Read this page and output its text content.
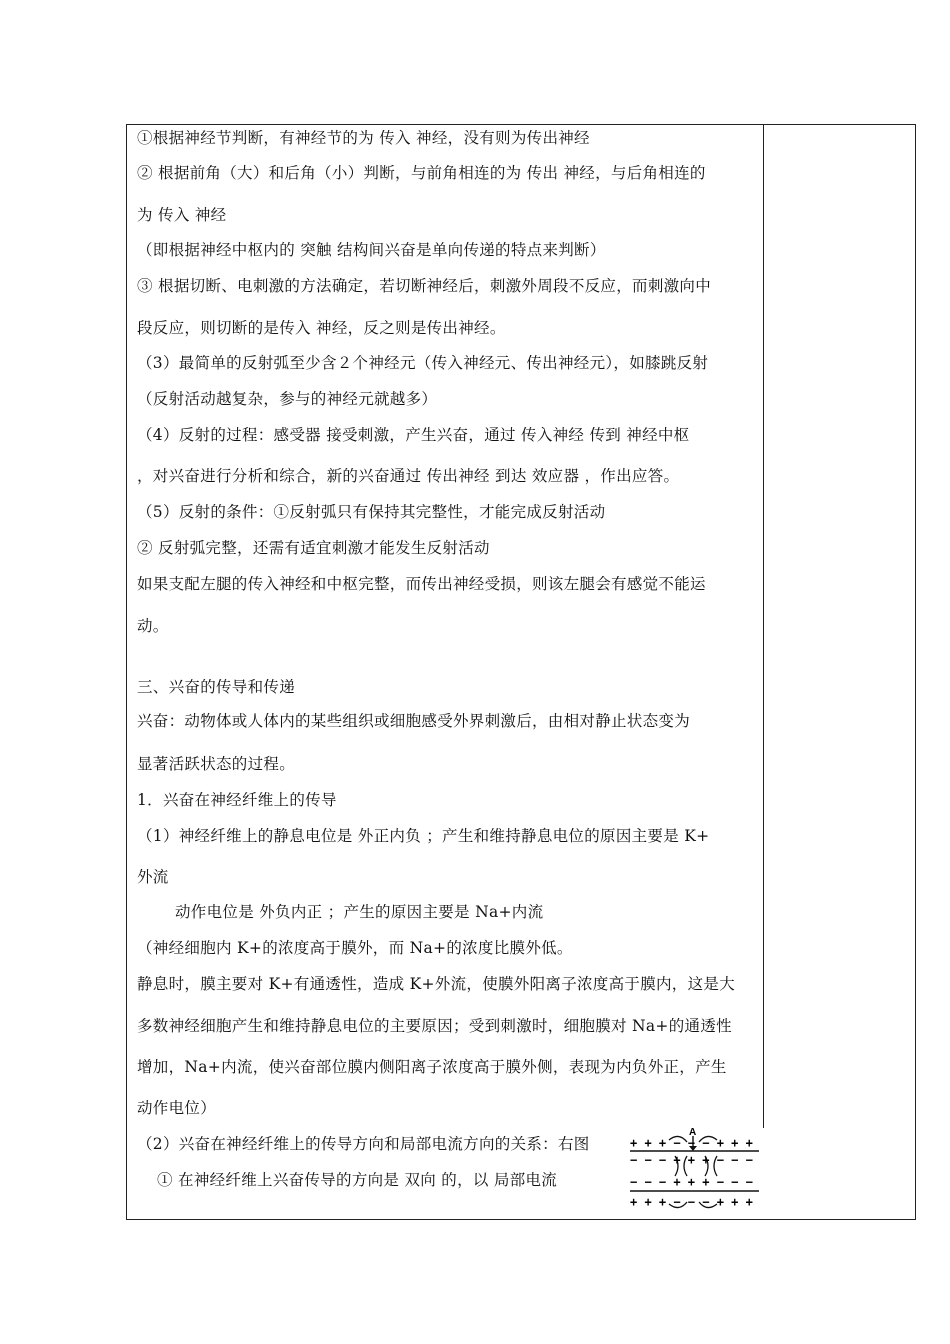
①根据神经节判断，有神经节的为 传入 神经，没有则为传出神经
② 根据前角（大）和后角（小）判断，与前角相连的为 传出 神经，与后角相连的
为 传入 神经
（即根据神经中枢内的 突触 结构间兴奋是单向传递的特点来判断）
③ 根据切断、电刺激的方法确定，若切断神经后，刺激外周段不反应，而刺激向中
段反应，则切断的是传入 神经，反之则是传出神经。
（3）最简单的反射弧至少含２个神经元（传入神经元、传出神经元），如膝跳反射
（反射活动越复杂，参与的神经元就越多）
（4）反射的过程：感受器 接受刺激，产生兴奋，通过 传入神经 传到 神经中枢
，对兴奋进行分析和综合，新的兴奋通过 传出神经 到达 效应器 ，作出应答。
（5）反射的条件：①反射弧只有保持其完整性，才能完成反射活动
② 反射弧完整，还需有适宜刺激才能发生反射活动
如果支配左腿的传入神经和中枢完整，而传出神经受损，则该左腿会有感觉不能运
动。
三、兴奋的传导和传递
兴奋：动物体或人体内的某些组织或细胞感受外界刺激后，由相对静止状态变为
显著活跃状态的过程。
1．兴奋在神经纤维上的传导
（1）神经纤维上的静息电位是 外正内负 ；产生和维持静息电位的原因主要是 K+
外流
动作电位是 外负内正 ；产生的原因主要是 Na+内流
（神经细胞内 K+的浓度高于膜外，而 Na+的浓度比膜外低。
静息时，膜主要对 K+有通透性，造成 K+外流，使膜外阳离子浓度高于膜内，这是大
多数神经细胞产生和维持静息电位的主要原因；受到刺激时，细胞膜对 Na+的通透性
增加，Na+内流，使兴奋部位膜内侧阳离子浓度高于膜外侧，表现为内负外正，产生
动作电位）
（2）兴奋在神经纤维上的传导方向和局部电流方向的关系：右图
① 在神经纤维上兴奋传导的方向是 双向 的，以 局部电流
A
+ + + − − − + + +
− − − + + + − − −
− − − + + + − − −
+ + + − − − + + +
